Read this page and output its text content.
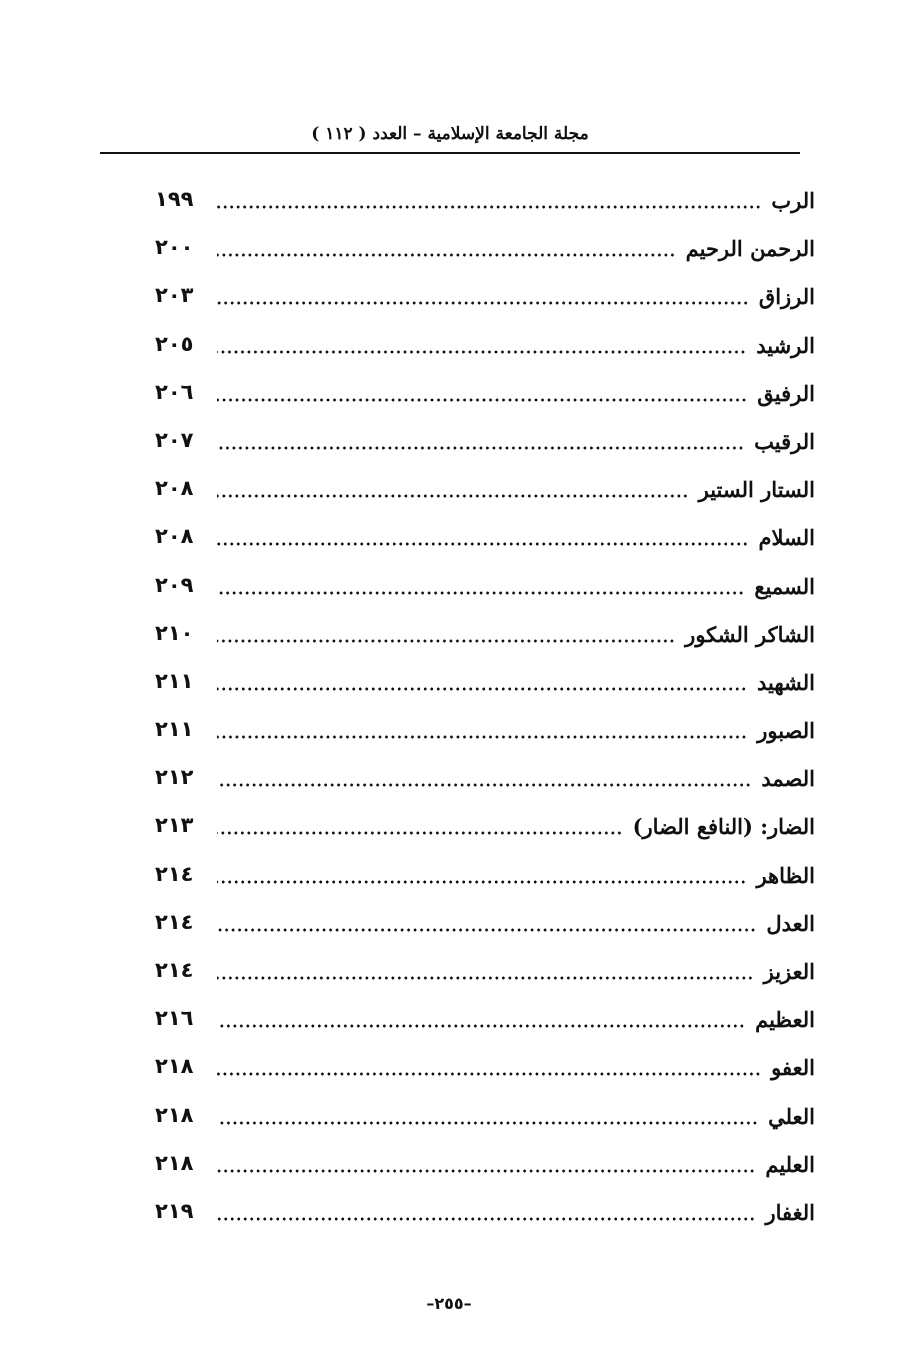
مجلة الجامعة الإسلامية – العدد ( ١١٢ )
الرب
١٩٩
الرحمن الرحيم
٢٠٠
الرزاق
٢٠٣
الرشيد
٢٠٥
الرفيق
٢٠٦
الرقيب
٢٠٧
الستار الستير
٢٠٨
السلام
٢٠٨
السميع
٢٠٩
الشاكر الشكور
٢١٠
الشهيد
٢١١
الصبور
٢١١
الصمد
٢١٢
الضار: (النافع الضار)
٢١٣
الظاهر
٢١٤
العدل
٢١٤
العزيز
٢١٤
العظيم
٢١٦
العفو
٢١٨
العلي
٢١٨
العليم
٢١٨
الغفار
٢١٩
–٢٥٥–
